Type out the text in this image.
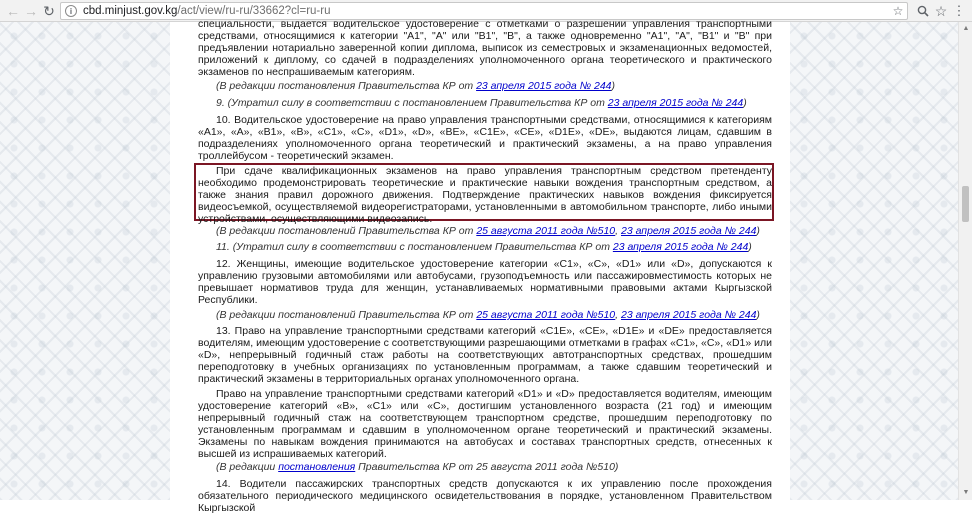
← → ↻	i cbd.minjust.gov.kg/act/view/ru-ru/33662?cl=ru-ru	☆ ☆ ⋮

специальности, выдается водительское удостоверение с отметками о разрешении управления транспортными средствами, относящимися к категории "A1", "A" или "B1", "B", а также одновременно "A1", "A", "B1" и "B" при предъявлении нотариально заверенной копии диплома, выписок из семестровых и экзаменационных ведомостей, приложений к диплому, со сдачей в подразделениях уполномоченного органа теоретического и практического экзаменов по неспрашиваемым категориям.

(В редакции постановления Правительства КР от 23 апреля 2015 года № 244)

9. (Утратил силу в соответствии с постановлением Правительства КР от 23 апреля 2015 года № 244)

10. Водительское удостоверение на право управления транспортными средствами, относящимися к категориям «A1», «A», «B1», «B», «C1», «C», «D1», «D», «BE», «C1E», «CE», «D1E», «DE», выдаются лицам, сдавшим в подразделениях уполномоченного органа теоретический и практический экзамены, а на право управления троллейбусом - теоретический экзамен.

При сдаче квалификационных экзаменов на право управления транспортным средством претенденту необходимо продемонстрировать теоретические и практические навыки вождения транспортным средством, а также знания правил дорожного движения. Подтверждение практических навыков вождения фиксируется видеосъемкой, осуществляемой видеорегистраторами, установленными в автомобильном транспорте, либо иными устройствами, осуществляющими видеозапись.

(В редакции постановлений Правительства КР от 25 августа 2011 года №510, 23 апреля 2015 года № 244)

11. (Утратил силу в соответствии с постановлением Правительства КР от 23 апреля 2015 года № 244)

12. Женщины, имеющие водительское удостоверение категории «C1», «C», «D1» или «D», допускаются к управлению грузовыми автомобилями или автобусами, грузоподъемность или пассажировместимость которых не превышает нормативов труда для женщин, устанавливаемых нормативными правовыми актами Кыргызской Республики.

(В редакции постановлений Правительства КР от 25 августа 2011 года №510, 23 апреля 2015 года № 244)

13. Право на управление транспортными средствами категорий «C1E», «CE», «D1E» и «DE» предоставляется водителям, имеющим удостоверение с соответствующими разрешающими отметками в графах «C1», «C», «D1» или «D», непрерывный годичный стаж работы на соответствующих автотранспортных средствах, прошедшим переподготовку в учебных организациях по установленным программам, а также сдавшим теоретический и практический экзамены в территориальных органах уполномоченного органа.

Право на управление транспортными средствами категорий «D1» и «D» предоставляется водителям, имеющим удостоверение категорий «B», «C1» или «C», достигшим установленного возраста (21 год) и имеющим непрерывный годичный стаж на соответствующем транспортном средстве, прошедшим переподготовку по установленным программам и сдавшим в уполномоченном органе теоретический и практический экзамены. Экзамены по навыкам вождения принимаются на автобусах и составах транспортных средств, отнесенных к высшей из испрашиваемых категорий.

(В редакции постановления Правительства КР от 25 августа 2011 года №510)

14. Водители пассажирских транспортных средств допускаются к их управлению после прохождения обязательного периодического медицинского освидетельствования в порядке, установленном Правительством Кыргызской

▲
▼
